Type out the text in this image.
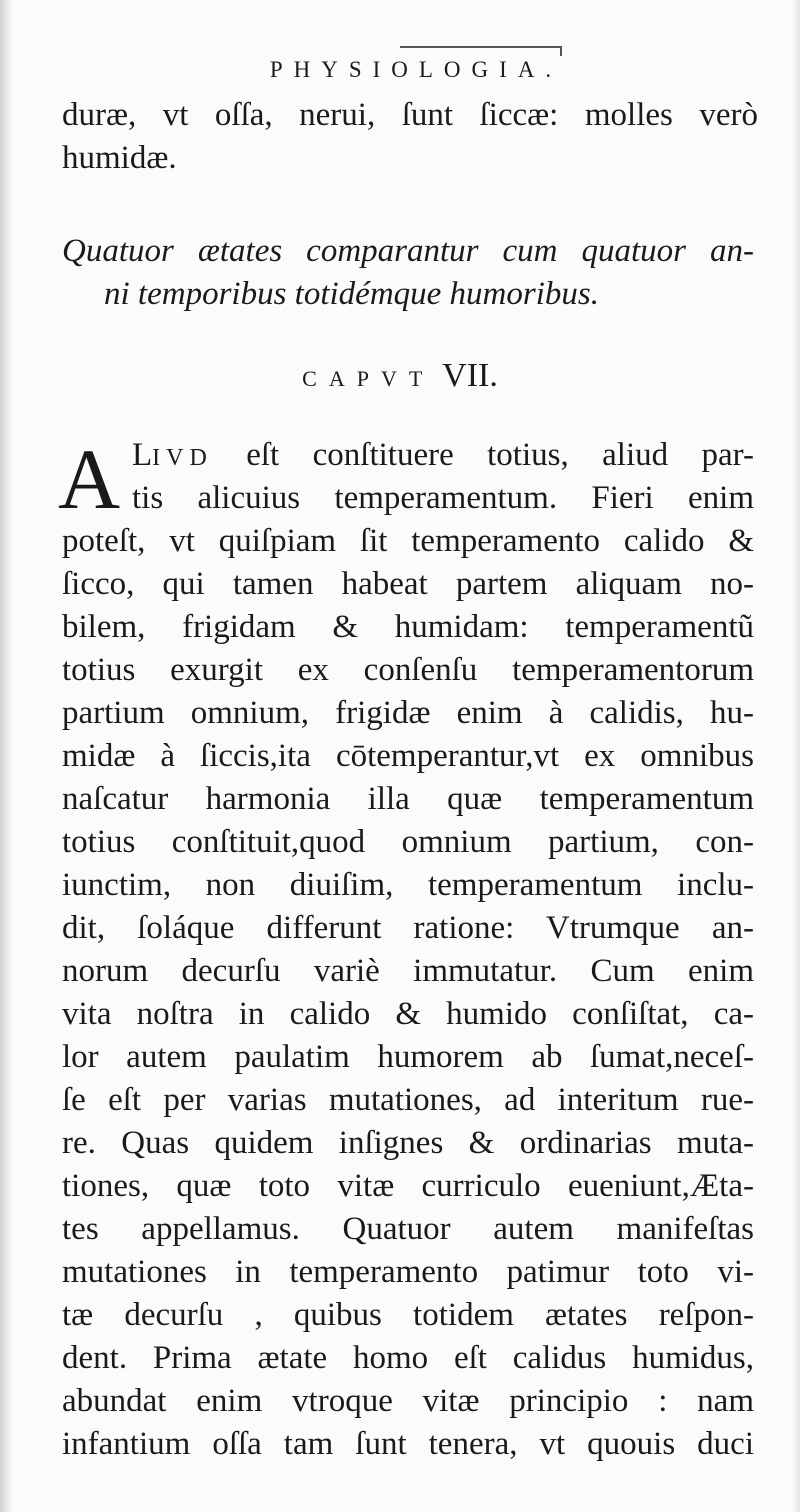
PHYSIOLOGIA.
duræ, vt oſſa, nerui, ſunt ſiccæ: molles verò
humidæ.
Quatuor ætates comparantur cum quatuor an-
ni temporibus totidémque humoribus.
CAPVT VII.
A LIVD eſt conſtituere totius, aliud par-
tis alicuius temperamentum. Fieri enim
poteſt, vt quiſpiam ſit temperamento calido &
ſicco, qui tamen habeat partem aliquam no-
bilem, frigidam & humidam: temperamentũ
totius exurgit ex conſenſu temperamentorum
partium omnium, frigidæ enim à calidis, hu-
midæ à ſiccis,ita cōtemperantur,vt ex omnibus
naſcatur harmonia illa quæ temperamentum
totius conſtituit,quod omnium partium, con-
iunctim, non diuiſim, temperamentum inclu-
dit, ſoláque differunt ratione: Vtrumque an-
norum decurſu variè immutatur. Cum enim
vita noſtra in calido & humido conſiſtat, ca-
lor autem paulatim humorem ab ſumat,neceſ-
ſe eſt per varias mutationes, ad interitum rue-
re. Quas quidem inſignes & ordinarias muta-
tiones, quæ toto vitæ curriculo eueniunt,Æta-
tes appellamus. Quatuor autem manifeſtas
mutationes in temperamento patimur toto vi-
tæ decurſu , quibus totidem ætates reſpon-
dent. Prima ætate homo eſt calidus humidus,
abundat enim vtroque vitæ principio : nam
infantium oſſa tam ſunt tenera, vt quouis duci
